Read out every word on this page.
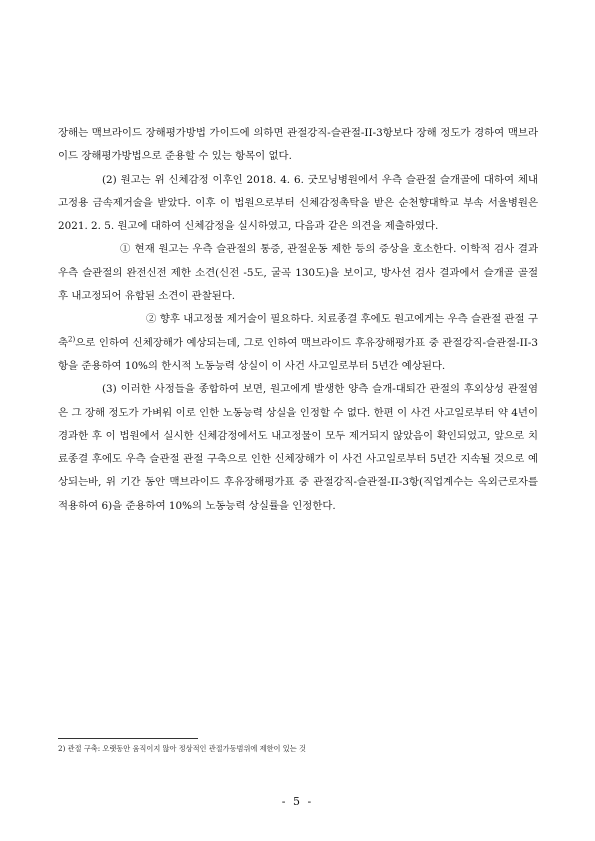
장해는 맥브라이드 장해평가방법 가이드에 의하면 관절강직-슬관절-II-3항보다 장해 정도가 경하여 맥브라이드 장해평가방법으로 준용할 수 있는 항목이 없다.

(2) 원고는 위 신체감정 이후인 2018. 4. 6. 굿모닝병원에서 우측 슬관절 슬개골에 대하여 체내고정용 금속제거술을 받았다. 이후 이 법원으로부터 신체감정촉탁을 받은 순천향대학교 부속 서울병원은 2021. 2. 5. 원고에 대하여 신체감정을 실시하였고, 다음과 같은 의견을 제출하였다.

① 현재 원고는 우측 슬관절의 통증, 관절운동 제한 등의 증상을 호소한다. 이학적 검사 결과 우측 슬관절의 완전신전 제한 소견(신전 -5도, 굴곡 130도)을 보이고, 방사선 검사 결과에서 슬개골 골절 후 내고정되어 유합된 소견이 관찰된다.

② 향후 내고정물 제거술이 필요하다. 치료종결 후에도 원고에게는 우측 슬관절 관절 구축$^{2)}$으로 인하여 신체장해가 예상되는데, 그로 인하여 맥브라이드 후유장해평가표 중 관절강직-슬관절-II-3항을 준용하여 10%의 한시적 노동능력 상실이 이 사건 사고일로부터 5년간 예상된다.

(3) 이러한 사정들을 종합하여 보면, 원고에게 발생한 양측 슬개-대퇴간 관절의 후외상성 관절염은 그 장해 정도가 가벼워 이로 인한 노동능력 상실을 인정할 수 없다. 한편 이 사건 사고일로부터 약 4년이 경과한 후 이 법원에서 실시한 신체감정에서도 내고정물이 모두 제거되지 않았음이 확인되었고, 앞으로 치료종결 후에도 우측 슬관절 관절 구축으로 인한 신체장해가 이 사건 사고일로부터 5년간 지속될 것으로 예상되는바, 위 기간 동안 맥브라이드 후유장해평가표 중 관절강직-슬관절-II-3항(직업계수는 옥외근로자를 적용하여 6)을 준용하여 10%의 노동능력 상실률을 인정한다.

2) 관절 구축: 오랫동안 움직이지 않아 정상적인 관절가동범위에 제한이 있는 것
- 5 -
